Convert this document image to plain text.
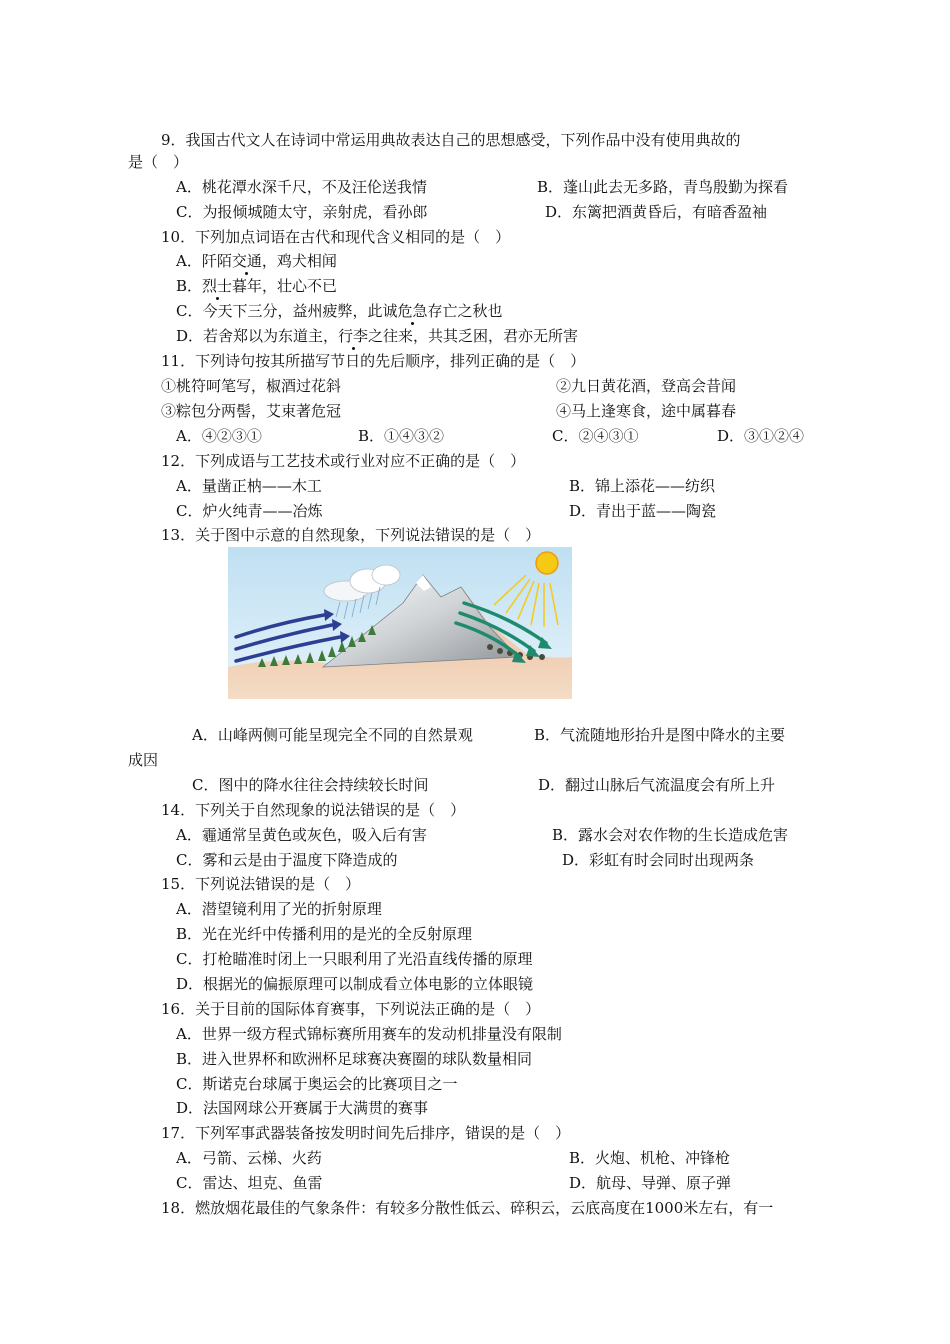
9．我国古代文人在诗词中常运用典故表达自己的思想感受，下列作品中没有使用典故的
是（　）
A．桃花潭水深千尺，不及汪伦送我情	B．蓬山此去无多路，青鸟殷勤为探看
C．为报倾城随太守，亲射虎，看孙郎	D．东篱把酒黄昏后，有暗香盈袖
10．下列加点词语在古代和现代含义相同的是（　）
A．阡陌交通，鸡犬相闻
B．烈士暮年，壮心不已
C．今天下三分，益州疲弊，此诚危急存亡之秋也
D．若舍郑以为东道主，行李之往来，共其乏困，君亦无所害
11．下列诗句按其所描写节日的先后顺序，排列正确的是（　）
①桃符呵笔写，椒酒过花斜	②九日黄花酒，登高会昔闻
③粽包分两髻，艾束著危冠	④马上逢寒食，途中属暮春
A．④②③①	B．①④③②	C．②④③①	D．③①②④
12．下列成语与工艺技术或行业对应不正确的是（　）
A．量凿正枘——木工	B．锦上添花——纺织
C．炉火纯青——冶炼	D．青出于蓝——陶瓷
13．关于图中示意的自然现象，下列说法错误的是（　）
A．山峰两侧可能呈现完全不同的自然景观	B．气流随地形抬升是图中降水的主要
成因
C．图中的降水往往会持续较长时间	D．翻过山脉后气流温度会有所上升
14．下列关于自然现象的说法错误的是（　）
A．霾通常呈黄色或灰色，吸入后有害	B．露水会对农作物的生长造成危害
C．雾和云是由于温度下降造成的	D．彩虹有时会同时出现两条
15．下列说法错误的是（　）
A．潜望镜利用了光的折射原理
B．光在光纤中传播利用的是光的全反射原理
C．打枪瞄准时闭上一只眼利用了光沿直线传播的原理
D．根据光的偏振原理可以制成看立体电影的立体眼镜
16．关于目前的国际体育赛事，下列说法正确的是（　）
A．世界一级方程式锦标赛所用赛车的发动机排量没有限制
B．进入世界杯和欧洲杯足球赛决赛圈的球队数量相同
C．斯诺克台球属于奥运会的比赛项目之一
D．法国网球公开赛属于大满贯的赛事
17．下列军事武器装备按发明时间先后排序，错误的是（　）
A．弓箭、云梯、火药	B．火炮、机枪、冲锋枪
C．雷达、坦克、鱼雷	D．航母、导弹、原子弹
18．燃放烟花最佳的气象条件：有较多分散性低云、碎积云，云底高度在1000米左右，有一
